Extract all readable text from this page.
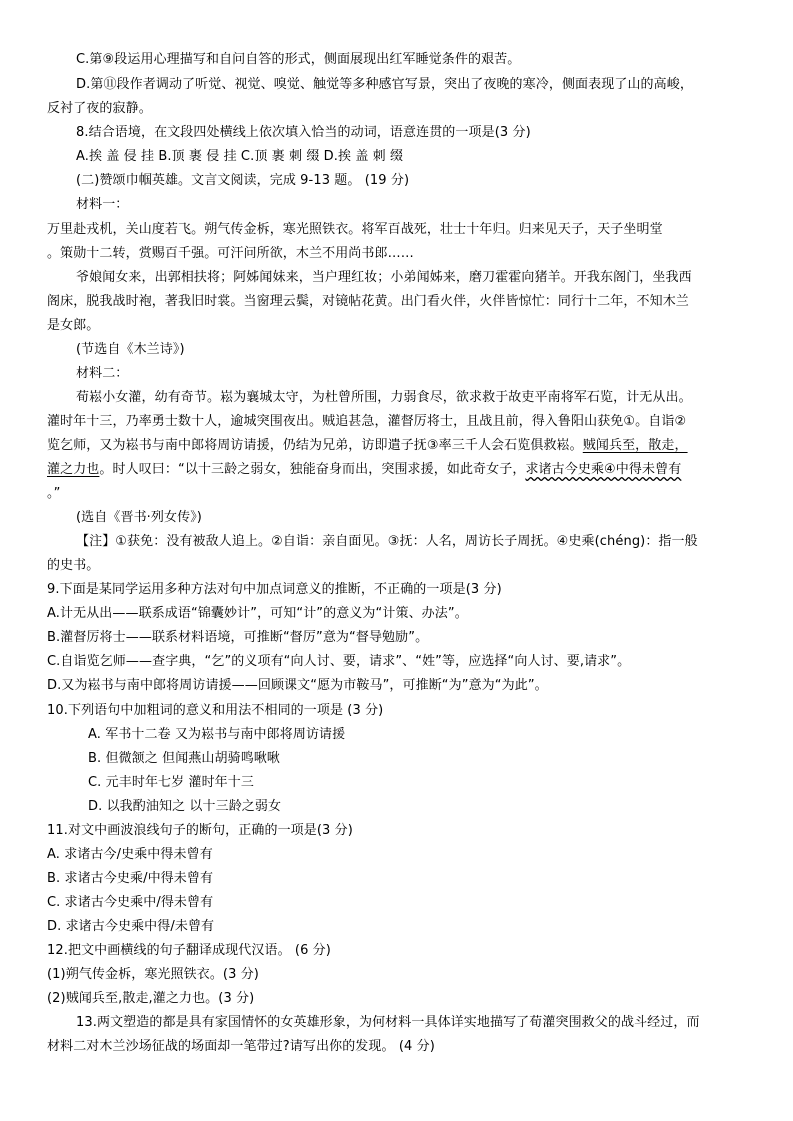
C.第⑨段运用心理描写和自问自答的形式，侧面展现出红军睡觉条件的艰苦。
D.第⑪段作者调动了听觉、视觉、嗅觉、触觉等多种感官写景，突出了夜晚的寒冷，侧面表现了山的高峻，
反衬了夜的寂静。
8.结合语境，在文段四处横线上依次填入恰当的动词，语意连贯的一项是(3 分)
A.挨 盖 侵 挂 B.顶 裹 侵 挂 C.顶 裹 刺 缀 D.挨 盖 刺 缀
(二)赞颂巾帼英雄。文言文阅读，完成 9-13 题。 (19 分)
材料一：
万里赴戎机，关山度若飞。朔气传金柝，寒光照铁衣。将军百战死，壮士十年归。归来见天子，天子坐明堂
。策勋十二转，赏赐百千强。可汗问所欲，木兰不用尚书郎……
爷娘闻女来，出郭相扶将；阿姊闻妹来，当户理红妆；小弟闻姊来，磨刀霍霍向猪羊。开我东阁门，坐我西
阁床，脱我战时袍，著我旧时裳。当窗理云鬓，对镜帖花黄。出门看火伴，火伴皆惊忙：同行十二年，不知木兰
是女郎。
(节选自《木兰诗》)
材料二：
荀崧小女灌，幼有奇节。崧为襄城太守，为杜曾所围，力弱食尽，欲求救于故吏平南将军石览，计无从出。
灌时年十三，乃率勇士数十人，逾城突围夜出。贼追甚急，灌督厉将士，且战且前，得入鲁阳山获免①。自诣②
览乞师，又为崧书与南中郎将周访请援，仍结为兄弟，访即遣子抚③率三千人会石览俱救崧。贼闻兵至，散走，
灌之力也。时人叹曰：“以十三龄之弱女，独能奋身而出，突围求援，如此奇女子，求诸古今史乘④中得未曾有
。”
(选自《晋书·列女传》)
【注】①获免：没有被敌人追上。②自诣：亲自面见。③抚：人名，周访长子周抚。④史乘(chéng)：指一般
的史书。
9.下面是某同学运用多种方法对句中加点词意义的推断，不正确的一项是(3 分)
A.计无从出——联系成语“锦囊妙计”，可知“计”的意义为“计策、办法”。
B.灌督厉将士——联系材料语境，可推断“督厉”意为“督导勉励”。
C.自诣览乞师——查字典，“乞”的义项有“向人讨、要，请求”、“姓”等，应选择“向人讨、要,请求”。
D.又为崧书与南中郎将周访请援——回顾课文“愿为市鞍马”，可推断“为”意为“为此”。
10.下列语句中加粗词的意义和用法不相同的一项是 (3 分)
A. 军书十二卷 又为崧书与南中郎将周访请援
B. 但微颔之 但闻燕山胡骑鸣啾啾
C. 元丰时年七岁 灌时年十三
D. 以我酌油知之 以十三龄之弱女
11.对文中画波浪线句子的断句，正确的一项是(3 分)
A. 求诸古今/史乘中得未曾有
B. 求诸古今史乘/中得未曾有
C. 求诸古今史乘中/得未曾有
D. 求诸古今史乘中得/未曾有
12.把文中画横线的句子翻译成现代汉语。 (6 分)
(1)朔气传金柝，寒光照铁衣。(3 分)
(2)贼闻兵至,散走,灌之力也。(3 分)
13.两文塑造的都是具有家国情怀的女英雄形象，为何材料一具体详实地描写了荀灌突围救父的战斗经过，而
材料二对木兰沙场征战的场面却一笔带过?请写出你的发现。 (4 分)
